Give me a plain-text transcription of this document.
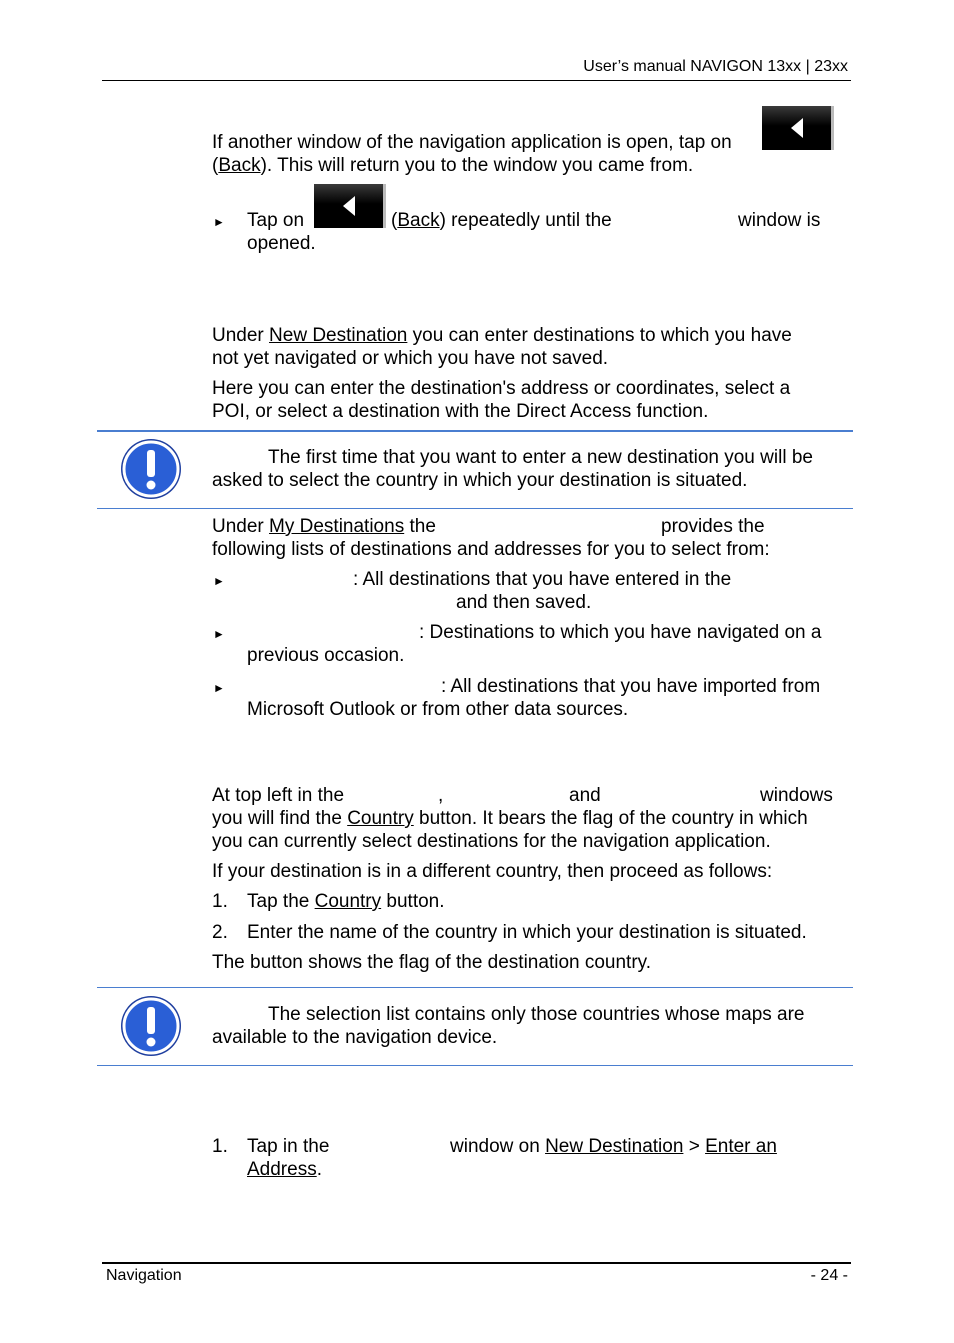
User’s manual NAVIGON 13xx | 23xx
If another window of the navigation application is open, tap on
(Back). This will return you to the window you came from.
► Tap on	(Back) repeatedly until the	window is
opened.
Under New Destination you can enter destinations to which you have
not yet navigated or which you have not saved.
Here you can enter the destination's address or coordinates, select a
POI, or select a destination with the Direct Access function.
The first time that you want to enter a new destination you will be
asked to select the country in which your destination is situated.
Under My Destinations the	provides the
following lists of destinations and addresses for you to select from:
►	: All destinations that you have entered in the
and then saved.
►	: Destinations to which you have navigated on a
previous occasion.
►	: All destinations that you have imported from
Microsoft Outlook or from other data sources.
At top left in the	,	and	windows
you will find the Country button. It bears the flag of the country in which
you can currently select destinations for the navigation application.
If your destination is in a different country, then proceed as follows:
1. Tap the Country button.
2. Enter the name of the country in which your destination is situated.
The button shows the flag of the destination country.
The selection list contains only those countries whose maps are
available to the navigation device.
1. Tap in the	window on New Destination > Enter an
Address.
Navigation	- 24 -
